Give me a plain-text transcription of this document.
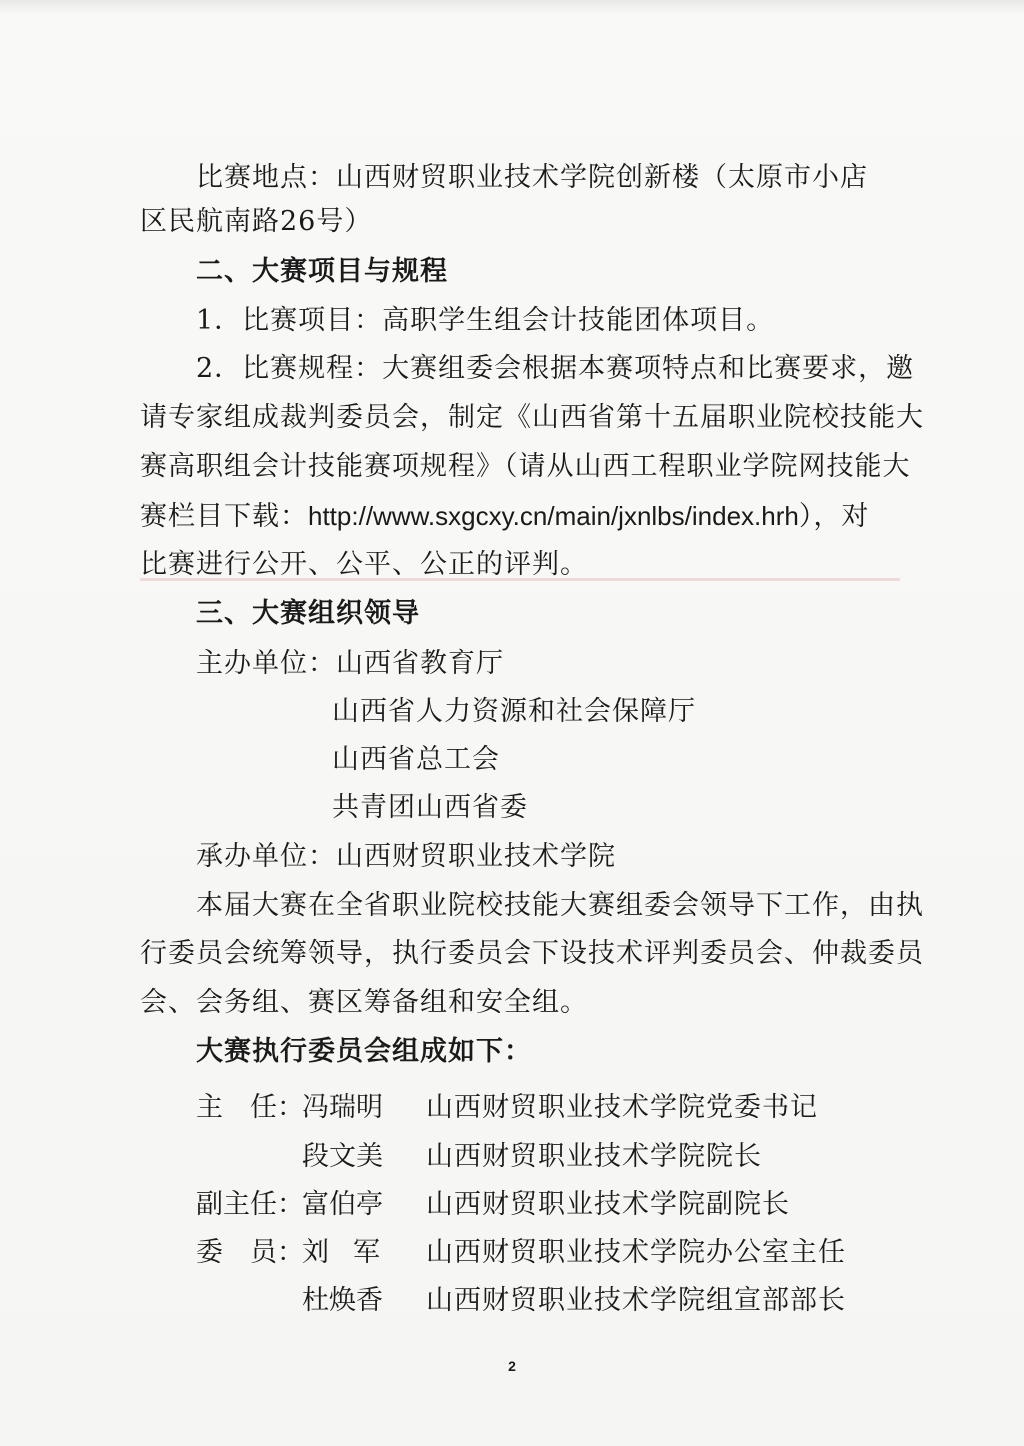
比赛地点：山西财贸职业技术学院创新楼（太原市小店
区民航南路26号）
二、大赛项目与规程
1．比赛项目：高职学生组会计技能团体项目。
2．比赛规程：大赛组委会根据本赛项特点和比赛要求，邀
请专家组成裁判委员会，制定《山西省第十五届职业院校技能大
赛高职组会计技能赛项规程》（请从山西工程职业学院网技能大
赛栏目下载：http://www.sxgcxy.cn/main/jxnlbs/index.hrh），对
比赛进行公开、公平、公正的评判。
三、大赛组织领导
主办单位：山西省教育厅
山西省人力资源和社会保障厅
山西省总工会
共青团山西省委
承办单位：山西财贸职业技术学院
本届大赛在全省职业院校技能大赛组委会领导下工作，由执
行委员会统筹领导，执行委员会下设技术评判委员会、仲裁委员
会、会务组、赛区筹备组和安全组。
大赛执行委员会组成如下：
主 任：
冯瑞明 山西财贸职业技术学院党委书记
段文美 山西财贸职业技术学院院长
副主任：
富伯亭 山西财贸职业技术学院副院长
委 员：
刘 军 山西财贸职业技术学院办公室主任
杜焕香 山西财贸职业技术学院组宣部部长
2
